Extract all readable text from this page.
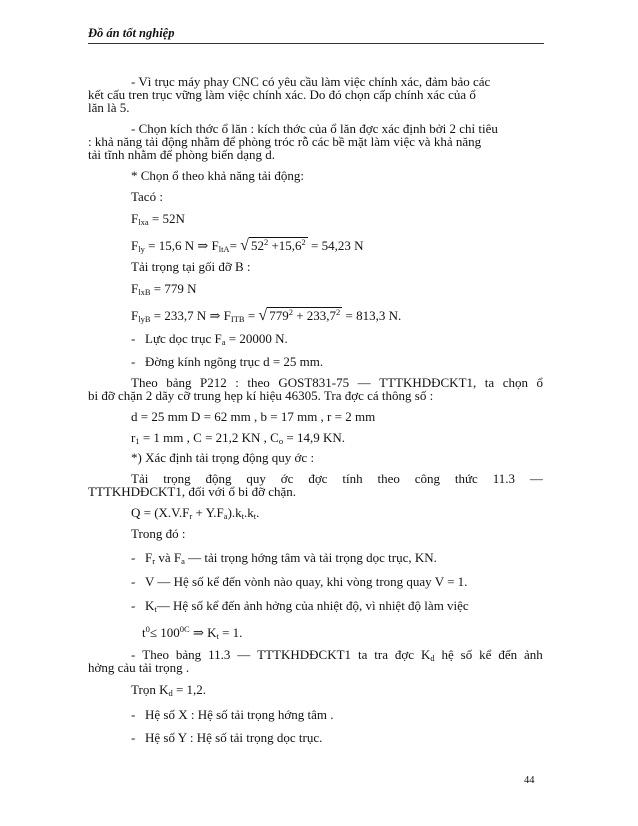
Đồ án tốt nghiệp
- Vì trục máy phay CNC có yêu cầu làm việc chính xác, đảm bảo các
kết cấu tren trục vững làm việc chính xác. Do đó chọn cấp chính xác của ổ
lăn là 5.
- Chọn kích thớc ổ lăn : kích thớc của ổ lăn đợc xác định bởi 2 chỉ tiêu
: khả năng tải động nhằm để phòng tróc rỗ các bề mặt làm việc và khả năng
tải tĩnh nhằm để phòng biến dạng d.
* Chọn ổ theo khả năng tải động:
Tacó :
$F_{lxa} = 52N$
$F_{ly} = 15,6$ N ⇒ $F_{ltA}=$ √ $52^2 +15,6^2 = 54,23$ N
Tải trọng tại gối đỡ B :
$F_{lxB} = 779$ N
$F_{lyB} = 233,7$ N ⇒ $F_{ITB}$ = √ $779^2 + 233,7^2 = 813,3$ N.
- Lực dọc trục $F_a = 20000$ N.
- Đờng kính ngõng trục d = 25 mm.
Theo bảng P212 : theo GOST831-75 — TTTKHDĐCKT1, ta chọn ổ
bi đỡ chặn 2 dãy cỡ trung hẹp kí hiệu 46305. Tra đợc cá thông số :
d = 25 mm D = 62 mm , b = 17 mm , r = 2 mm
$r_1 = 1$ mm , C = 21,2 KN , $C_o = 14,9$ KN.
*) Xác định tải trọng động quy ớc :
Tải trọng động quy ớc đợc tính theo công thức 11.3 —
TTTKHDĐCKT1, đối với ổ bi đỡ chặn.
$Q = (X.V.F_r + Y.F_a).k_t.k_t$.
Trong đó :
- $F_r$ và $F_a$ — tải trọng hớng tâm và tải trọng dọc trục, KN.
- V — Hệ số kể đến vònh nào quay, khi vòng trong quay V = 1.
- $K_t—$ Hệ số kể đến ảnh hởng của nhiệt độ, vì nhiệt độ làm việc
$t^0\le 100^{0C}$ ⇒ $K_t = 1$.
- Theo bảng 11.3 — TTTKHDĐCKT1 ta tra đợc $K_d$ hệ số kể đến ảnh
hởng cảu tải trọng .
Trọn $K_d = 1,2$.
- Hệ số X : Hệ số tải trọng hớng tâm .
- Hệ số Y : Hệ số tải trọng dọc trục.
44
